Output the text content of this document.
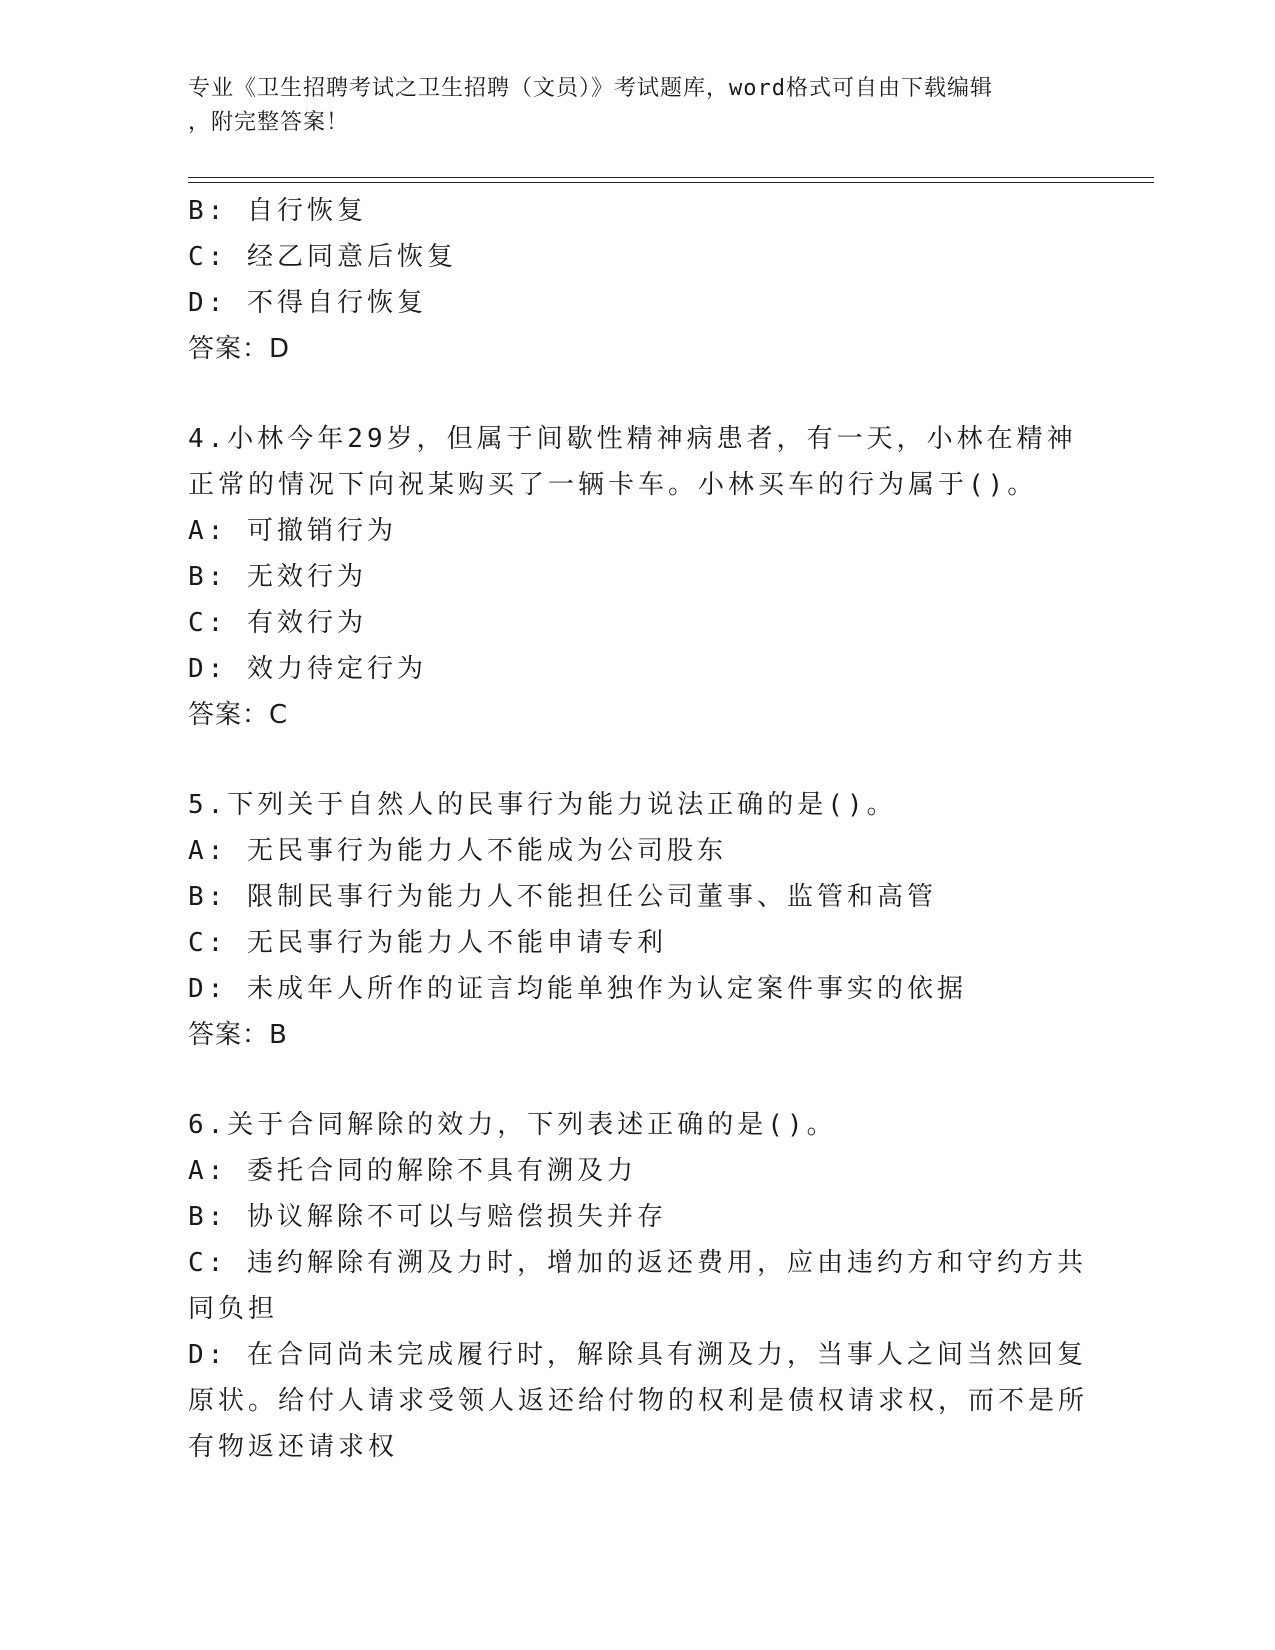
专业《卫生招聘考试之卫生招聘（文员）》考试题库，word格式可自由下载编辑
，附完整答案！

B: 自行恢复

C: 经乙同意后恢复

D: 不得自行恢复

答案：D

4.小林今年29岁，但属于间歇性精神病患者，有一天，小林在精神正常的情况下向祝某购买了一辆卡车。小林买车的行为属于()。

A: 可撤销行为

B: 无效行为

C: 有效行为

D: 效力待定行为

答案：C

5.下列关于自然人的民事行为能力说法正确的是()。

A: 无民事行为能力人不能成为公司股东

B: 限制民事行为能力人不能担任公司董事、监管和高管

C: 无民事行为能力人不能申请专利

D: 未成年人所作的证言均能单独作为认定案件事实的依据

答案：B

6.关于合同解除的效力，下列表述正确的是()。

A: 委托合同的解除不具有溯及力

B: 协议解除不可以与赔偿损失并存

C: 违约解除有溯及力时，增加的返还费用，应由违约方和守约方共同负担

D: 在合同尚未完成履行时，解除具有溯及力，当事人之间当然回复原状。给付人请求受领人返还给付物的权利是债权请求权，而不是所有物返还请求权
